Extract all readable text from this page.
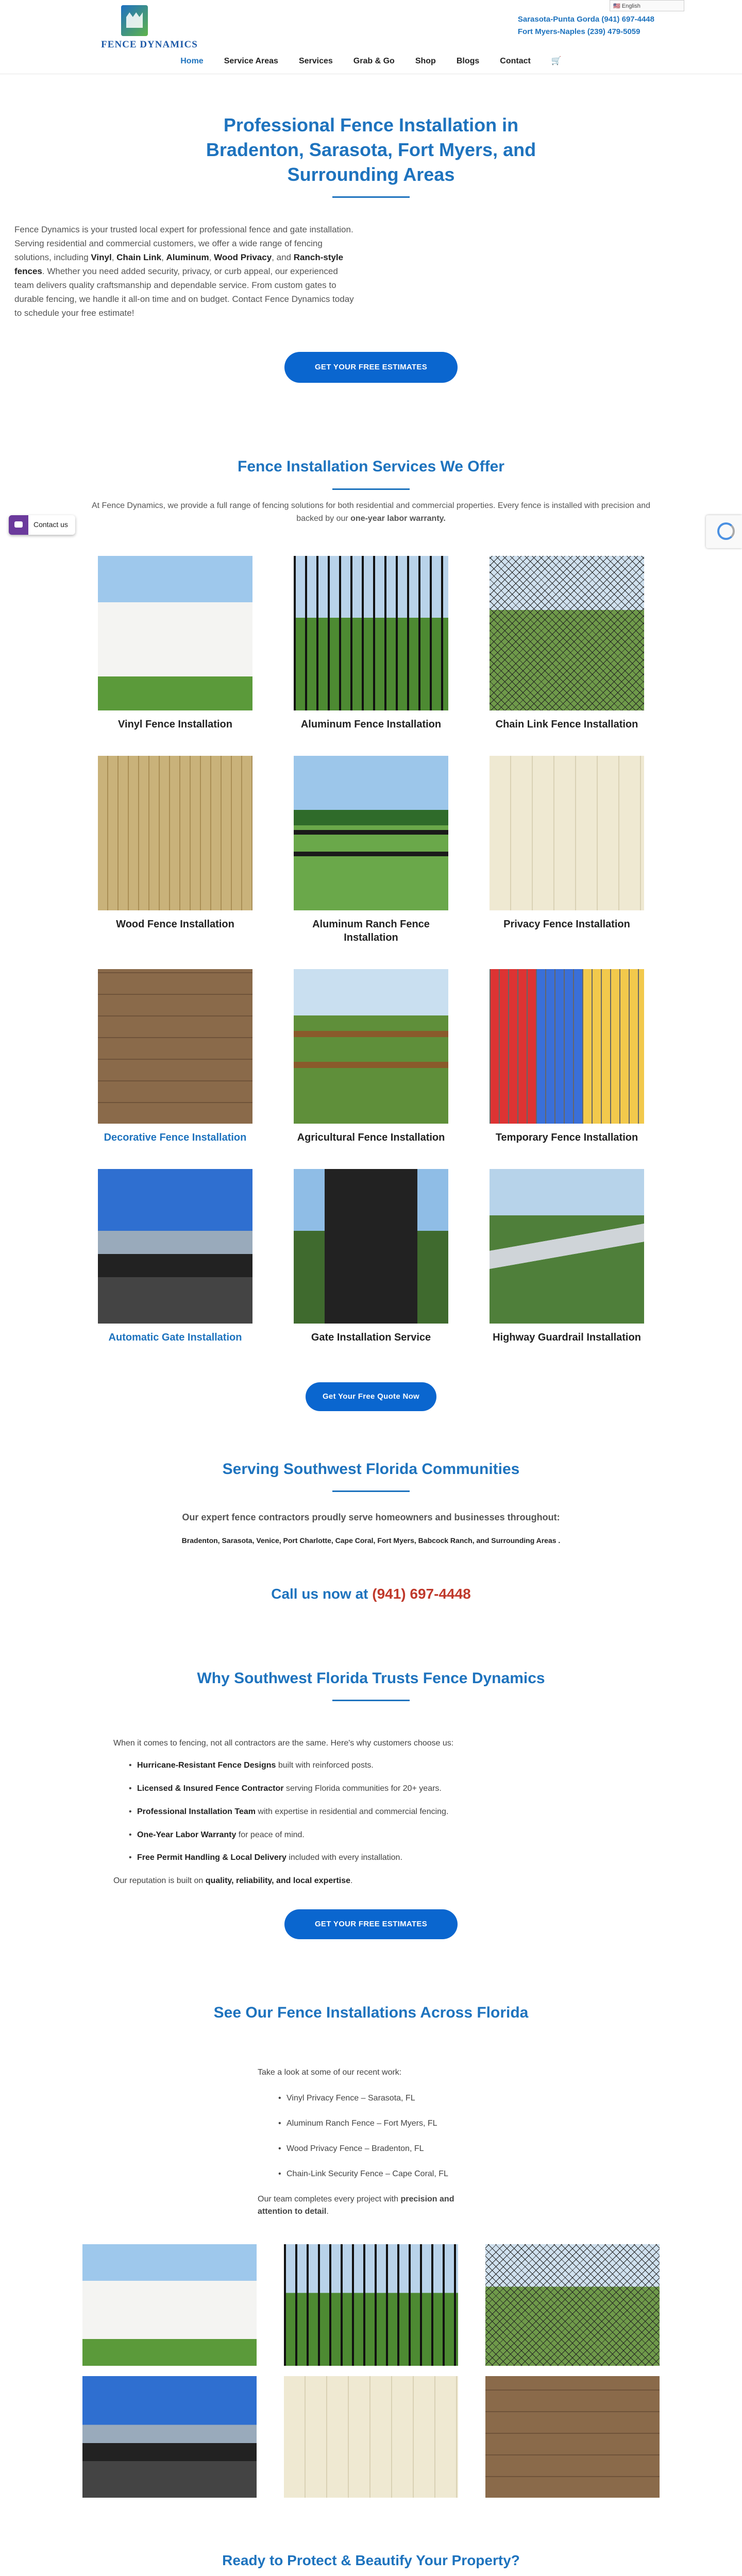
FENCE DYNAMICS
🇺🇸 English
Sarasota-Punta Gorda (941) 697-4448
Fort Myers-Naples (239) 479-5059
Home	Service Areas	Services	Grab & Go	Shop	Blogs	Contact	🛒
Professional Fence Installation in Bradenton, Sarasota, Fort Myers, and Surrounding Areas

Fence Dynamics is your trusted local expert for professional fence and gate installation. Serving residential and commercial customers, we offer a wide range of fencing solutions, including Vinyl, Chain Link, Aluminum, Wood Privacy, and Ranch-style fences. Whether you need added security, privacy, or curb appeal, our experienced team delivers quality craftsmanship and dependable service. From custom gates to durable fencing, we handle it all-on time and on budget. Contact Fence Dynamics today to schedule your free estimate!

GET YOUR FREE ESTIMATES
Contact us
Fence Installation Services We Offer

At Fence Dynamics, we provide a full range of fencing solutions for both residential and commercial properties. Every fence is installed with precision and backed by our one-year labor warranty.

Vinyl Fence Installation	Aluminum Fence Installation	Chain Link Fence Installation
Wood Fence Installation	Aluminum Ranch Fence Installation
Privacy Fence Installation
Decorative Fence Installation	Agricultural Fence Installation	Temporary Fence Installation
Automatic Gate Installation	Gate Installation Service	Highway Guardrail Installation
Get Your Free Quote Now
Serving Southwest Florida Communities

Our expert fence contractors proudly serve homeowners and businesses throughout:

Bradenton, Sarasota, Venice, Port Charlotte, Cape Coral, Fort Myers, Babcock Ranch, and Surrounding Areas .

Call us now at (941) 697-4448

Why Southwest Florida Trusts Fence Dynamics

When it comes to fencing, not all contractors are the same. Here's why customers choose us:

• Hurricane-Resistant Fence Designs built with reinforced posts.
• Licensed & Insured Fence Contractor serving Florida communities for 20+ years.
• Professional Installation Team with expertise in residential and commercial fencing.
• One-Year Labor Warranty for peace of mind.
• Free Permit Handling & Local Delivery included with every installation.

Our reputation is built on quality, reliability, and local expertise.

GET YOUR FREE ESTIMATES
See Our Fence Installations Across Florida

Take a look at some of our recent work:

• Vinyl Privacy Fence – Sarasota, FL
• Aluminum Ranch Fence – Fort Myers, FL
• Wood Privacy Fence – Bradenton, FL
• Chain-Link Security Fence – Cape Coral, FL

Our team completes every project with precision and attention to detail.

Ready to Protect & Beautify Your Property?
